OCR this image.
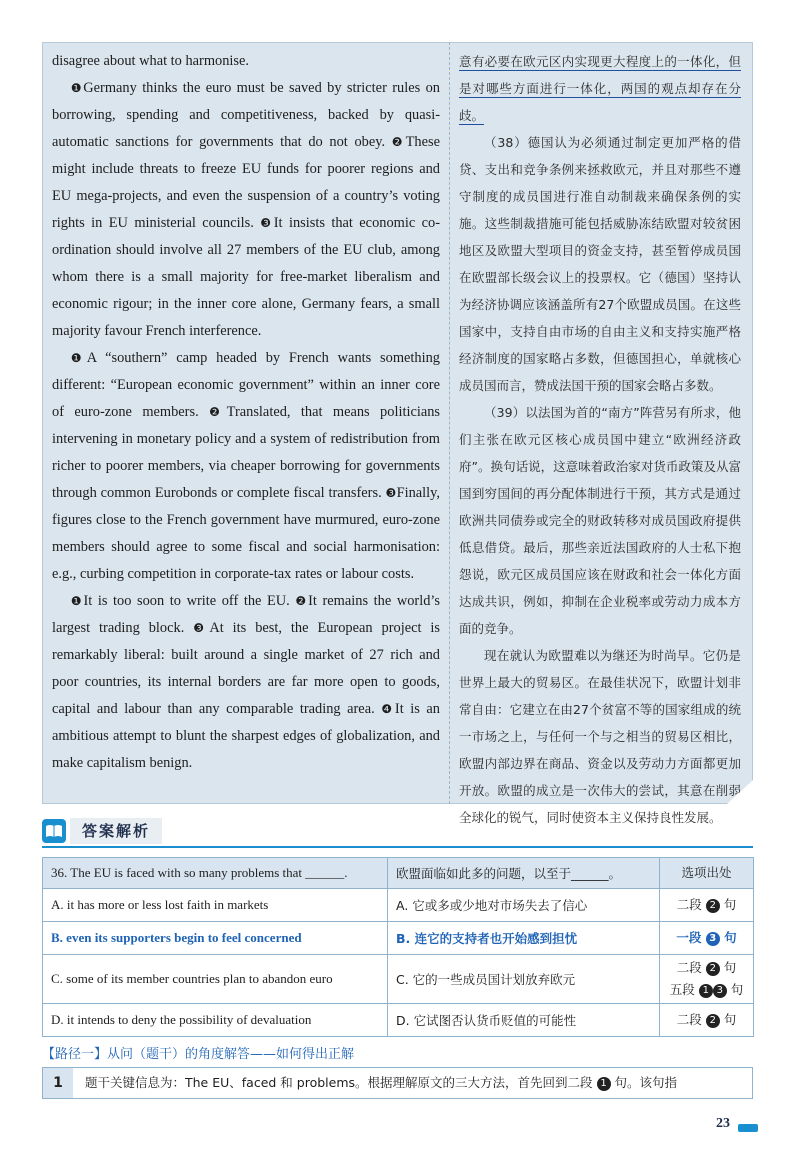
disagree about what to harmonise.

❶Germany thinks the euro must be saved by stricter rules on borrowing, spending and competitiveness, backed by quasi-automatic sanctions for governments that do not obey. ❷These might include threats to freeze EU funds for poorer regions and EU mega-projects, and even the suspension of a country’s voting rights in EU ministerial councils. ❸It insists that economic co-ordination should involve all 27 members of the EU club, among whom there is a small majority for free-market liberalism and economic rigour; in the inner core alone, Germany fears, a small majority favour French interference.

❶A “southern” camp headed by French wants something different: “European economic government” within an inner core of euro-zone members. ❷Translated, that means politicians intervening in monetary policy and a system of redistribution from richer to poorer members, via cheaper borrowing for governments through common Eurobonds or complete fiscal transfers. ❸Finally, figures close to the French government have murmured, euro-zone members should agree to some fiscal and social harmonisation: e.g., curbing competition in corporate-tax rates or labour costs.

❶It is too soon to write off the EU. ❷It remains the world’s largest trading block. ❸At its best, the European project is remarkably liberal: built around a single market of 27 rich and poor countries, its internal borders are far more open to goods, capital and labour than any comparable trading area. ❹It is an ambitious attempt to blunt the sharpest edges of globalization, and make capitalism benign.

意有必要在欧元区内实现更大程度上的一体化，但是对哪些方面进行一体化，两国的观点却存在分歧。

（38）德国认为必须通过制定更加严格的借贷、支出和竞争条例来拯救欧元，并且对那些不遵守制度的成员国进行准自动制裁来确保条例的实施。这些制裁措施可能包括威胁冻结欧盟对较贫困地区及欧盟大型项目的资金支持，甚至暂停成员国在欧盟部长级会议上的投票权。它（德国）坚持认为经济协调应该涵盖所有27个欧盟成员国。在这些国家中，支持自由市场的自由主义和支持实施严格经济制度的国家略占多数，但德国担心，单就核心成员国而言，赞成法国干预的国家会略占多数。

（39）以法国为首的“南方”阵营另有所求，他们主张在欧元区核心成员国中建立“欧洲经济政府”。换句话说，这意味着政治家对货币政策及从富国到穷国间的再分配体制进行干预，其方式是通过欧洲共同债券或完全的财政转移对成员国政府提供低息借贷。最后，那些亲近法国政府的人士私下抱怨说，欧元区成员国应该在财政和社会一体化方面达成共识，例如，抑制在企业税率或劳动力成本方面的竞争。

现在就认为欧盟难以为继还为时尚早。它仍是世界上最大的贸易区。在最佳状况下，欧盟计划非常自由：它建立在由27个贫富不等的国家组成的统一市场之上，与任何一个与之相当的贸易区相比，欧盟内部边界在商品、资金以及劳动力方面都更加开放。欧盟的成立是一次伟大的尝试，其意在削弱全球化的锐气，同时使资本主义保持良性发展。

答案解析
36. The EU is faced with so many problems that ______.	欧盟面临如此多的问题，以至于______。	选项出处
A. it has more or less lost faith in markets	A. 它或多或少地对市场失去了信心	二段 2 句
B. even its supporters begin to feel concerned	B. 连它的支持者也开始感到担忧	一段 3 句
C. some of its member countries plan to abandon euro	C. 它的一些成员国计划放弃欧元	二段 2 句
五段 1 3 句

D. it intends to deny the possibility of devaluation	D. 它试图否认货币贬值的可能性	二段 2 句
【路径一】从问（题干）的角度解答——如何得出正解
1	题干关键信息为：The EU、faced 和 problems。根据理解原文的三大方法，首先回到二段 1 句。该句指
23
